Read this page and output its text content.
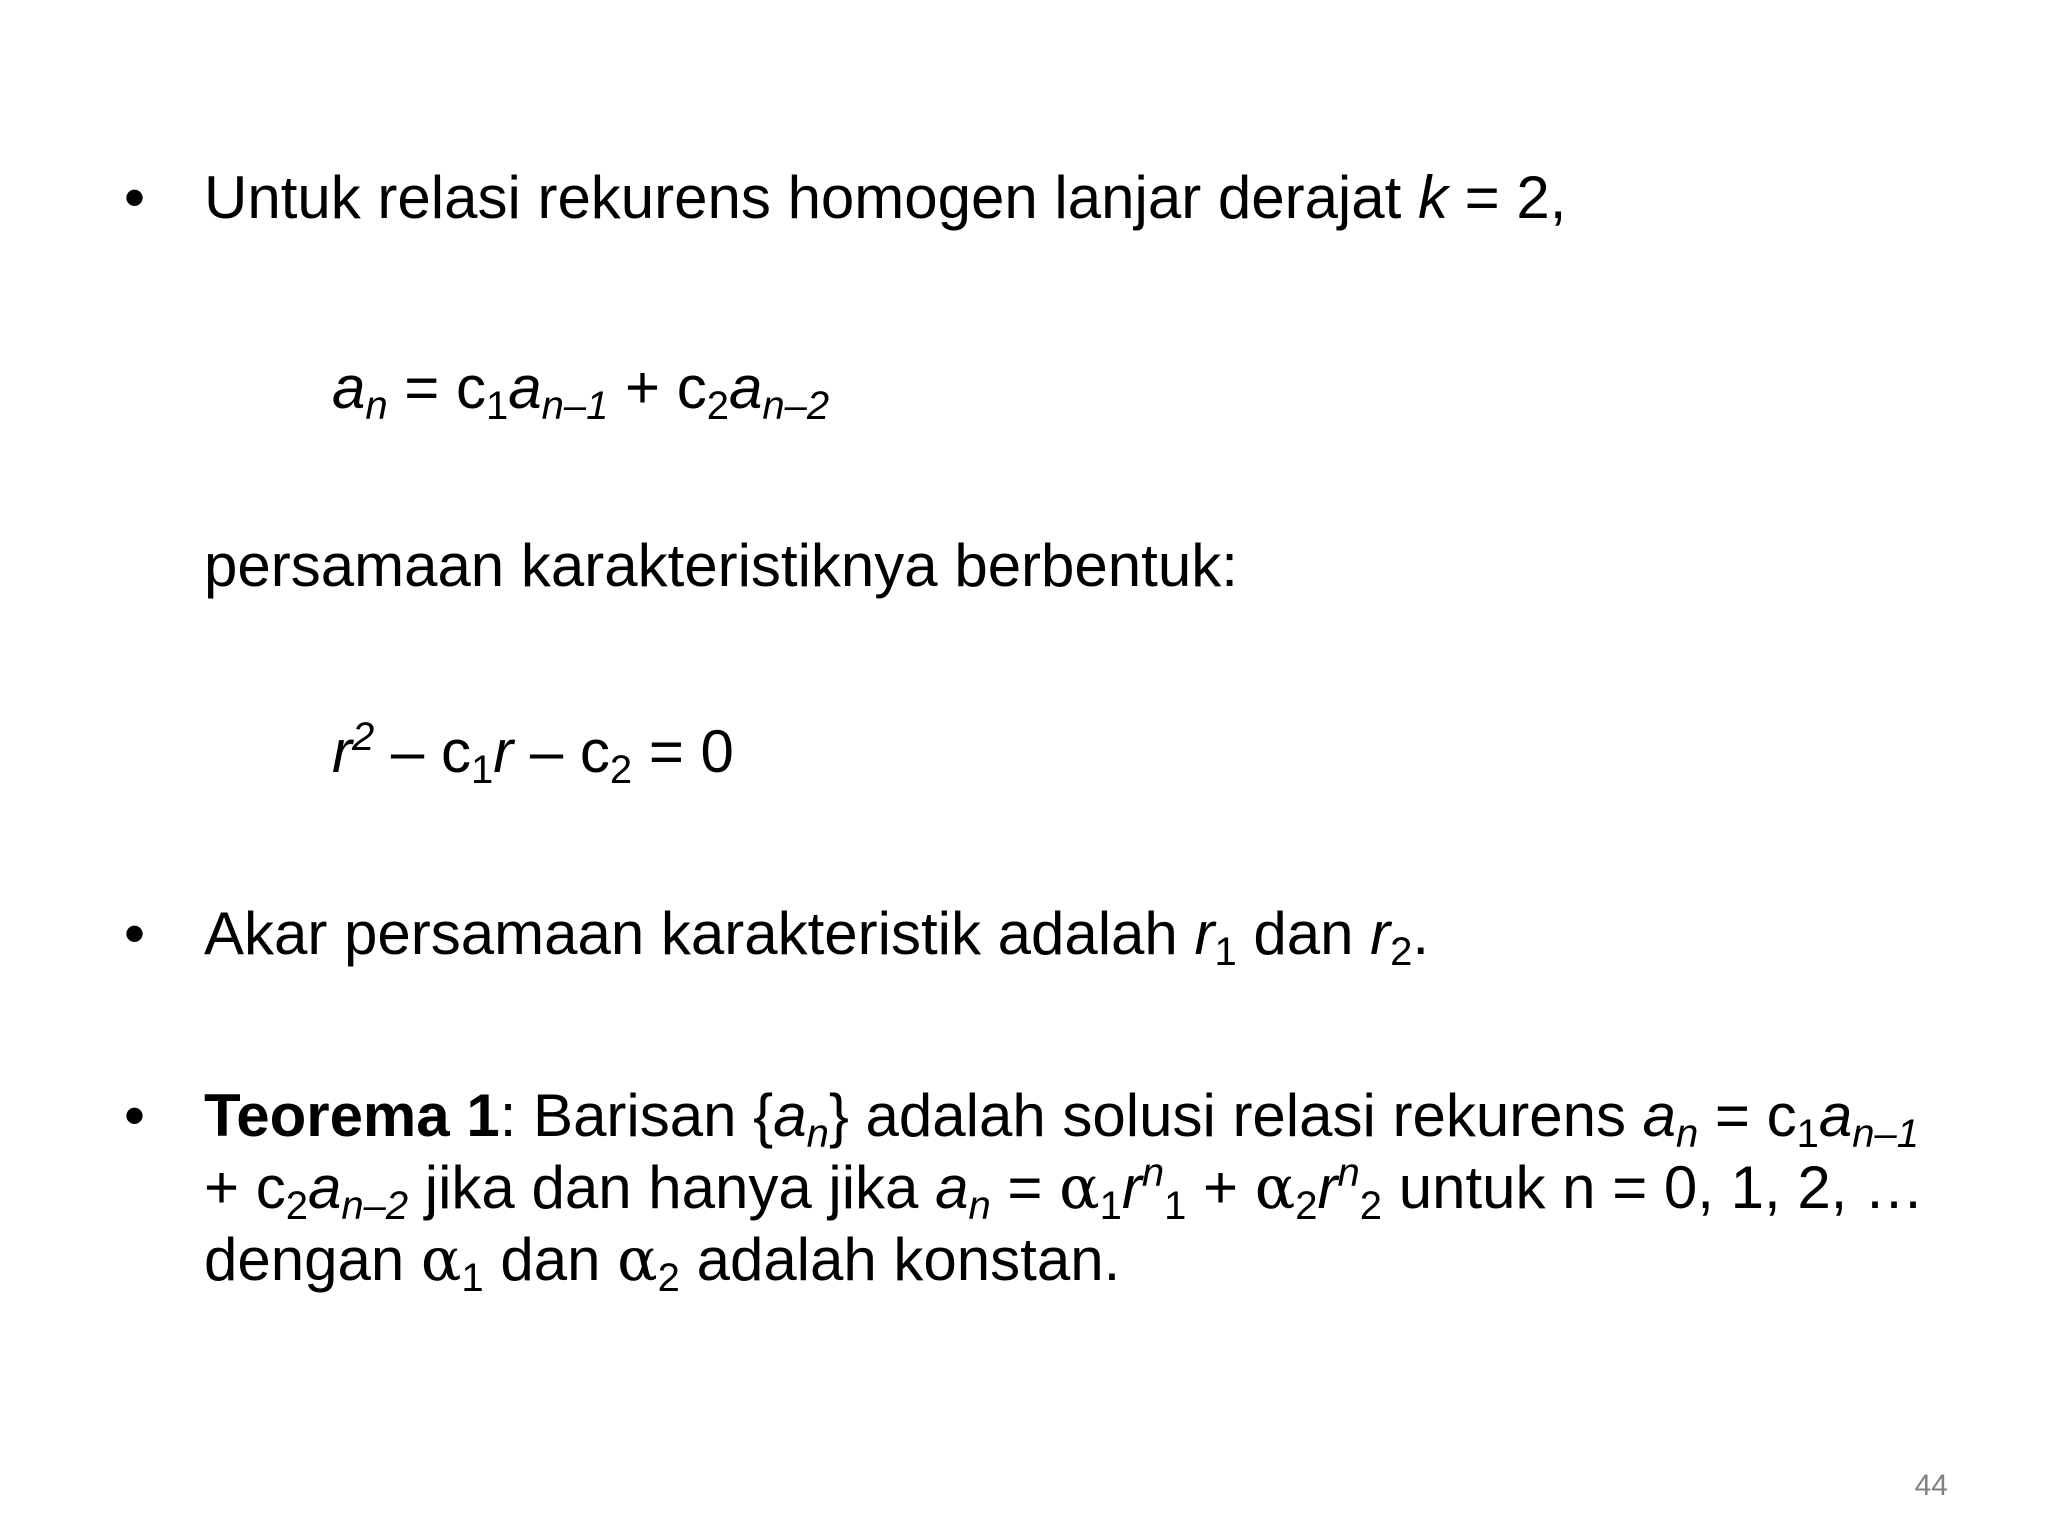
• Untuk relasi rekurens homogen lanjar derajat k = 2,
$a_n = c_1a_{n-1} + c_2a_{n-2}$
persamaan karakteristiknya berbentuk:
$r^2 - c_1r - c_2 = 0$
• Akar persamaan karakteristik adalah $r_1$ dan $r_2$.
• Teorema 1: Barisan $\{a_n\}$ adalah solusi relasi rekurens $a_n = c_1a_{n-1}$
+ $c_2a_{n-2}$ jika dan hanya jika $a_n = \alpha_1r^n_1 + \alpha_2r^n_2$ untuk n = 0, 1, 2, …
dengan $\alpha_1$ dan $\alpha_2$ adalah konstan.
44
